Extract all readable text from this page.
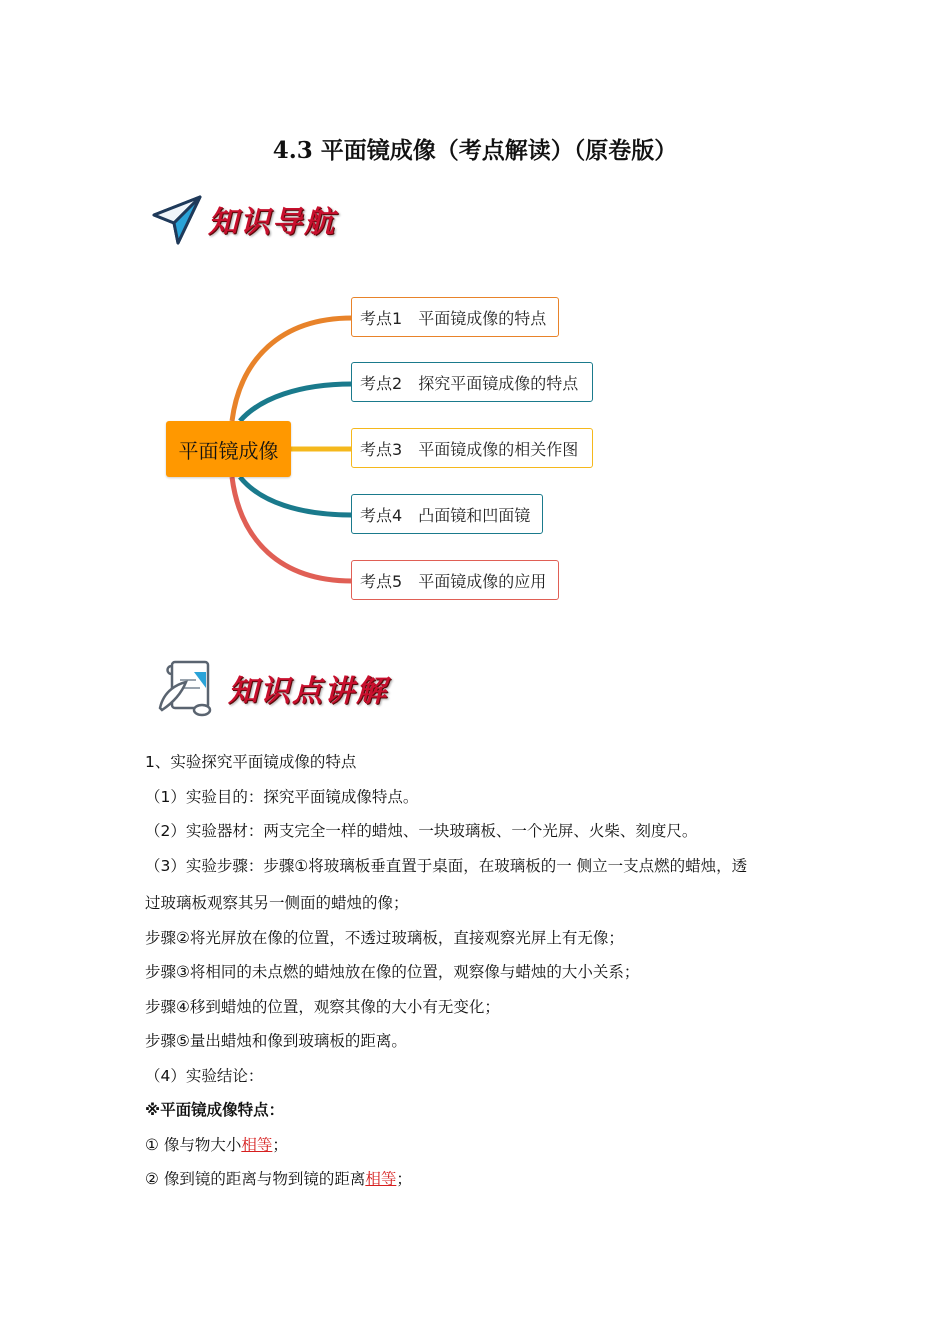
4.3 平面镜成像（考点解读）（原卷版）
知识导航
平面镜成像
考点1 平面镜成像的特点
考点2 探究平面镜成像的特点
考点3 平面镜成像的相关作图
考点4 凸面镜和凹面镜
考点5 平面镜成像的应用
知识点讲解
1、实验探究平面镜成像的特点
（1）实验目的：探究平面镜成像特点。
（2）实验器材：两支完全一样的蜡烛、一块玻璃板、一个光屏、火柴、刻度尺。
（3）实验步骤：步骤①将玻璃板垂直置于桌面，在玻璃板的一 侧立一支点燃的蜡烛，透
过玻璃板观察其另一侧面的蜡烛的像；
步骤②将光屏放在像的位置，不透过玻璃板，直接观察光屏上有无像；
步骤③将相同的未点燃的蜡烛放在像的位置，观察像与蜡烛的大小关系；
步骤④移到蜡烛的位置，观察其像的大小有无变化；
步骤⑤量出蜡烛和像到玻璃板的距离。
（4）实验结论：
※平面镜成像特点：
① 像与物大小相等；
② 像到镜的距离与物到镜的距离相等；
